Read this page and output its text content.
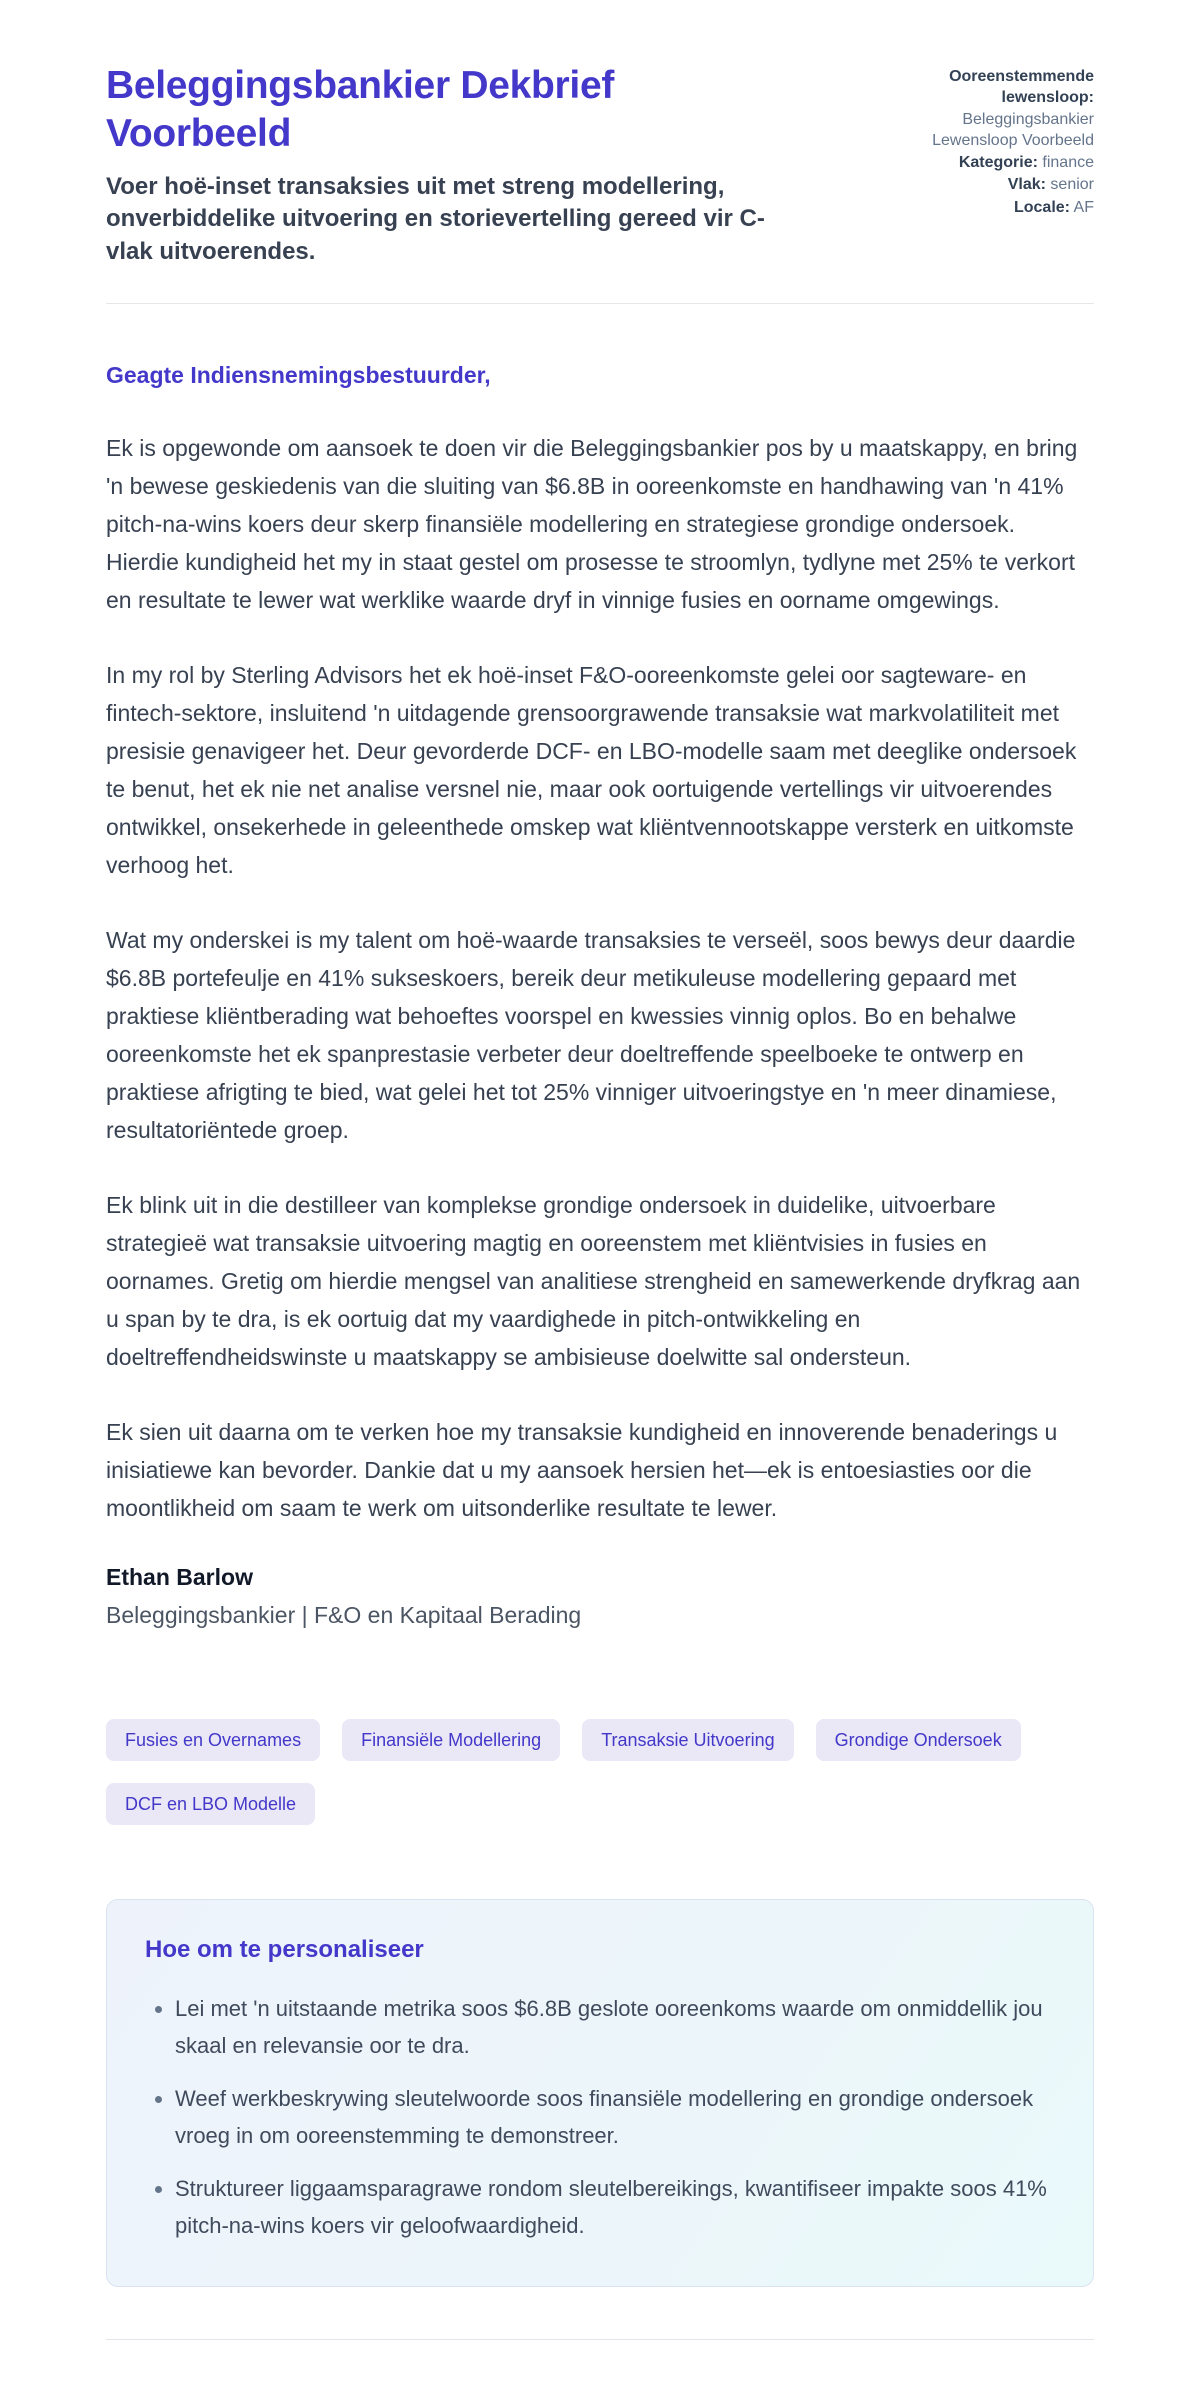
Beleggingsbankier Dekbrief Voorbeeld

Voer hoë-inset transaksies uit met streng modellering, onverbiddelike uitvoering en storievertelling gereed vir C-vlak uitvoerendes.

Ooreenstemmende lewensloop: Beleggingsbankier Lewensloop Voorbeeld
Kategorie: finance
Vlak: senior
Locale: AF

Geagte Indiensnemingsbestuurder,

Ek is opgewonde om aansoek te doen vir die Beleggingsbankier pos by u maatskappy, en bring 'n bewese geskiedenis van die sluiting van $6.8B in ooreenkomste en handhawing van 'n 41% pitch-na-wins koers deur skerp finansiële modellering en strategiese grondige ondersoek. Hierdie kundigheid het my in staat gestel om prosesse te stroomlyn, tydlyne met 25% te verkort en resultate te lewer wat werklike waarde dryf in vinnige fusies en oorname omgewings.

In my rol by Sterling Advisors het ek hoë-inset F&O-ooreenkomste gelei oor sagteware- en fintech-sektore, insluitend 'n uitdagende grensoorgrawende transaksie wat markvolatiliteit met presisie genavigeer het. Deur gevorderde DCF- en LBO-modelle saam met deeglike ondersoek te benut, het ek nie net analise versnel nie, maar ook oortuigende vertellings vir uitvoerendes ontwikkel, onsekerhede in geleenthede omskep wat kliëntvennootskappe versterk en uitkomste verhoog het.

Wat my onderskei is my talent om hoë-waarde transaksies te verseël, soos bewys deur daardie $6.8B portefeulje en 41% sukseskoers, bereik deur metikuleuse modellering gepaard met praktiese kliëntberading wat behoeftes voorspel en kwessies vinnig oplos. Bo en behalwe ooreenkomste het ek spanprestasie verbeter deur doeltreffende speelboeke te ontwerp en praktiese afrigting te bied, wat gelei het tot 25% vinniger uitvoeringstye en 'n meer dinamiese, resultatoriëntede groep.

Ek blink uit in die destilleer van komplekse grondige ondersoek in duidelike, uitvoerbare strategieë wat transaksie uitvoering magtig en ooreenstem met kliëntvisies in fusies en oornames. Gretig om hierdie mengsel van analitiese strengheid en samewerkende dryfkrag aan u span by te dra, is ek oortuig dat my vaardighede in pitch-ontwikkeling en doeltreffendheidswinste u maatskappy se ambisieuse doelwitte sal ondersteun.

Ek sien uit daarna om te verken hoe my transaksie kundigheid en innoverende benaderings u inisiatiewe kan bevorder. Dankie dat u my aansoek hersien het—ek is entoesiasties oor die moontlikheid om saam te werk om uitsonderlike resultate te lewer.

Ethan Barlow

Beleggingsbankier | F&O en Kapitaal Berading

Fusies en Overnames	Finansiële Modellering	Transaksie Uitvoering	Grondige Ondersoek
DCF en LBO Modelle
Hoe om te personaliseer
• Lei met 'n uitstaande metrika soos $6.8B geslote ooreenkoms waarde om onmiddellik jou skaal en relevansie oor te dra.
• Weef werkbeskrywing sleutelwoorde soos finansiële modellering en grondige ondersoek vroeg in om ooreenstemming te demonstreer.
• Struktureer liggaamsparagrawe rondom sleutelbereikings, kwantifiseer impakte soos 41% pitch-na-wins koers vir geloofwaardigheid.
